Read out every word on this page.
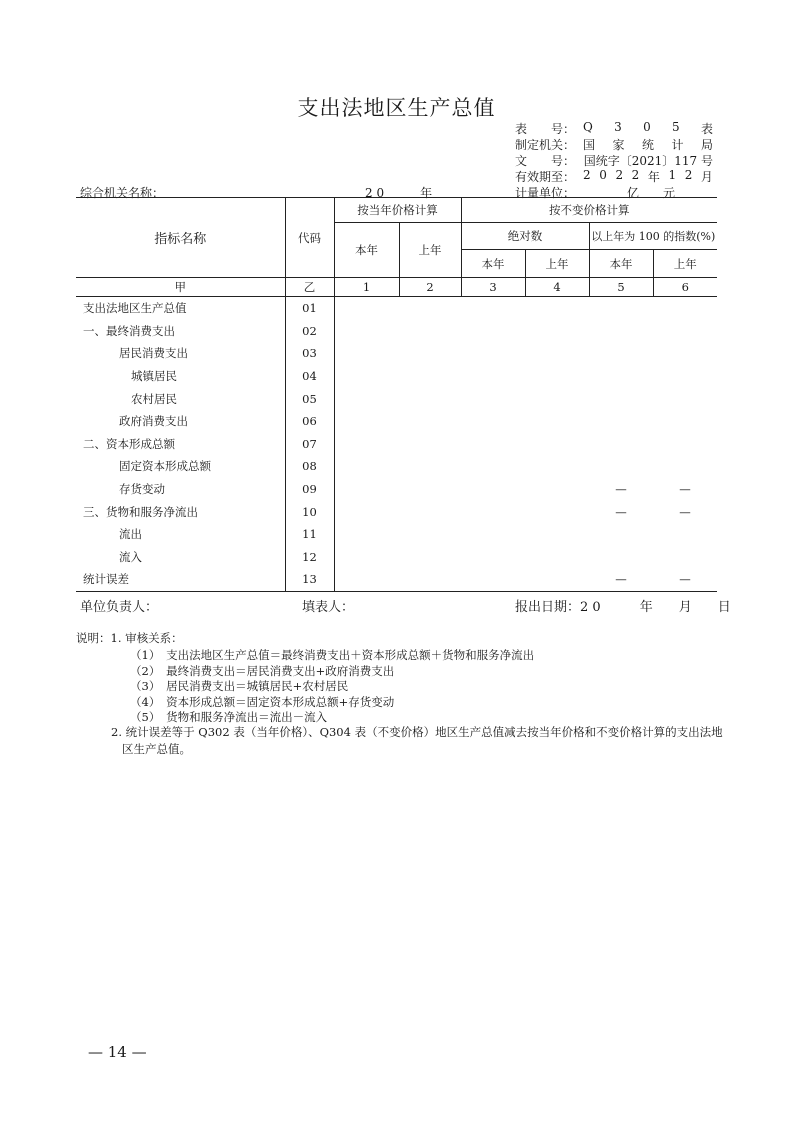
支出法地区生产总值
表　　号： Q 3 0 5 表
制定机关： 国 家 统 计 局
文　　号： 国统字〔2021〕117 号
有效期至： 2 0 2 2 年 1 2 月
计量单位：	亿　　元
综合机关名称：	2 0　　　年
指标名称	代码	按当年价格计算		按不变价格计算			
		本年	上年	绝对数		以上年为 100 的指数(%)	
				本年	上年	本年	上年
甲	乙	1	2	3	4	5	6
支出法地区生产总值	01						
一、最终消费支出	02						
居民消费支出	03						
城镇居民	04						
农村居民	05						
政府消费支出	06						
二、资本形成总额	07						
固定资本形成总额	08						
存货变动	09					—	—
三、货物和服务净流出	10					—	—
流出	11						
流入	12						
统计误差	13					—	—
单位负责人：	填表人：	报出日期：2 0　　　年　　月　　日
说明：1. 审核关系：
（1）　支出法地区生产总值＝最终消费支出＋资本形成总额＋货物和服务净流出
（2）　最终消费支出＝居民消费支出+政府消费支出
（3）　居民消费支出＝城镇居民+农村居民
（4）　资本形成总额＝固定资本形成总额+存货变动
（5）　货物和服务净流出＝流出－流入
2. 统计误差等于 Q302 表（当年价格）、Q304 表（不变价格）地区生产总值减去按当年价格和不变价格计算的支出法地
区生产总值。
— 14 —
